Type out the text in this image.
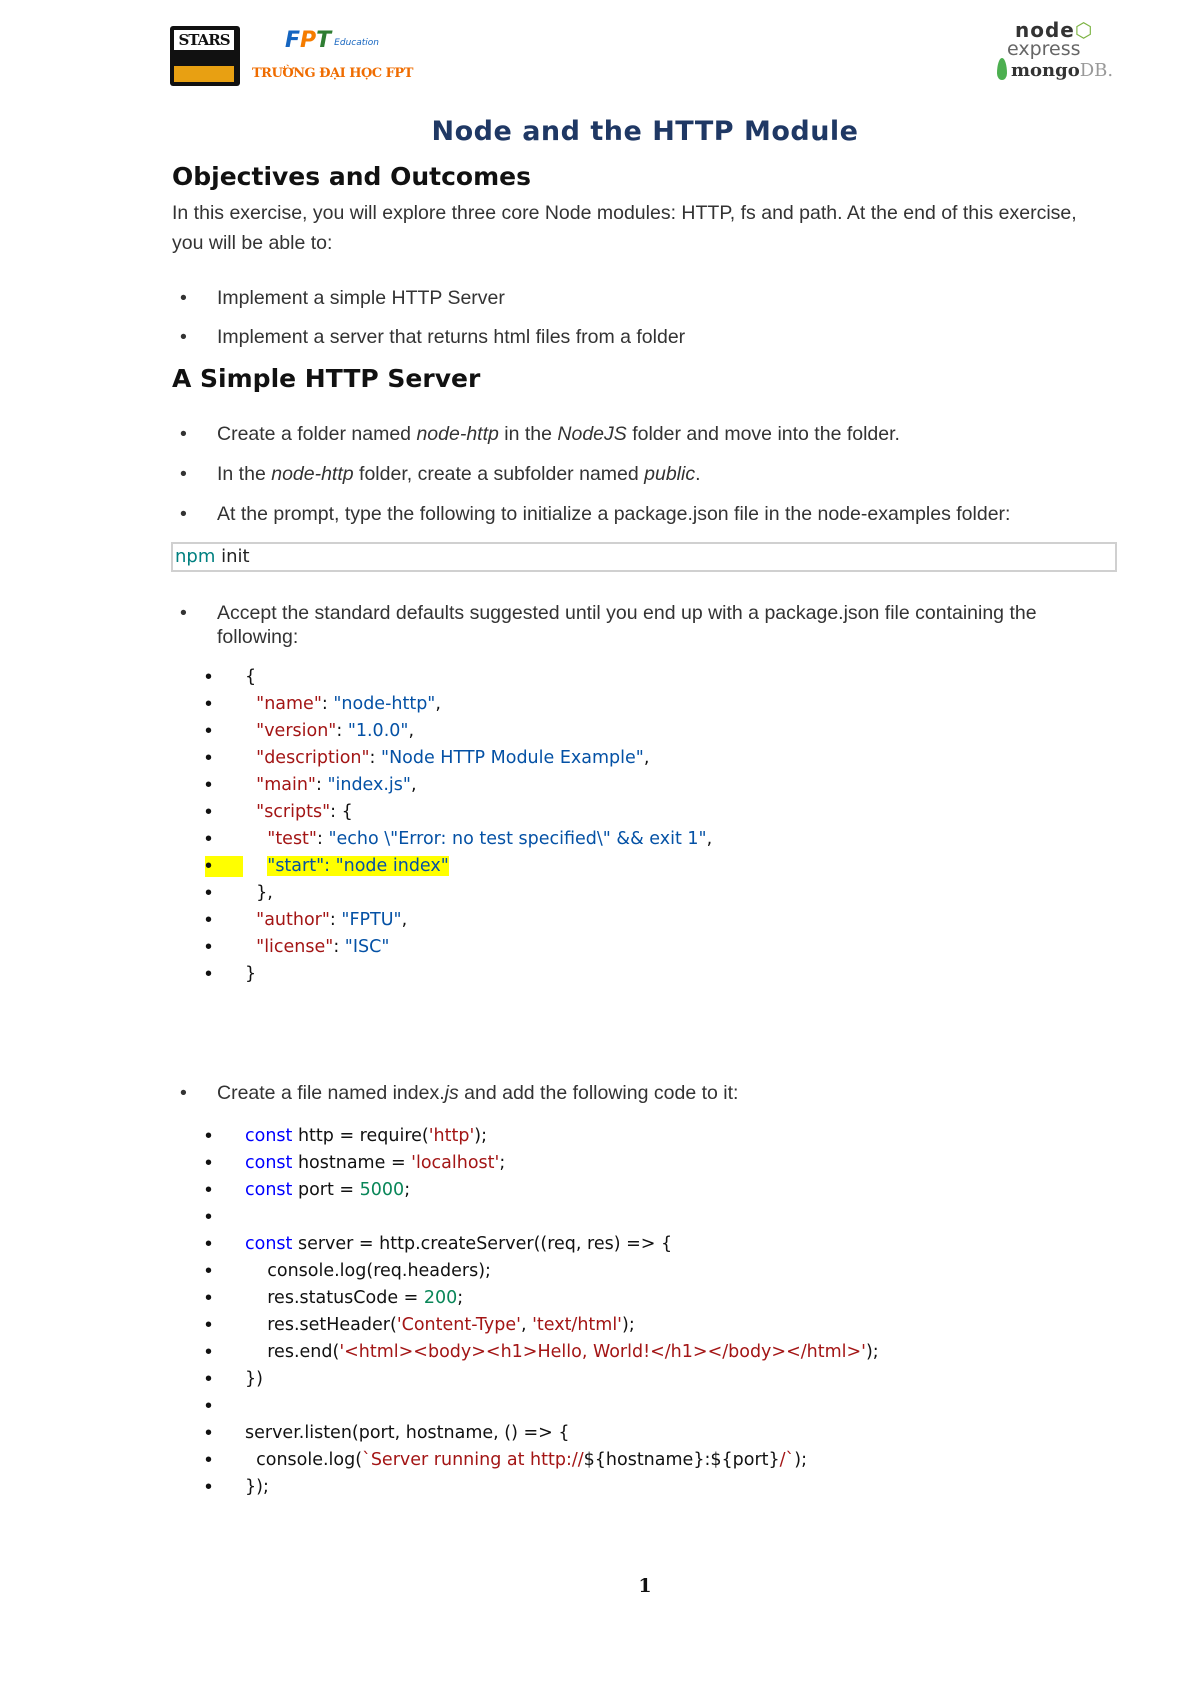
STARS	FPT Education
TRƯỜNG ĐẠI HỌC FPT
node⬡
express
mongoDB.
Node and the HTTP Module
Objectives and Outcomes
In this exercise, you will explore three core Node modules: HTTP, fs and path. At the end of this exercise, you will be able to:
• Implement a simple HTTP Server
• Implement a server that returns html files from a folder
A Simple HTTP Server
• Create a folder named node-http in the NodeJS folder and move into the folder.
• In the node-http folder, create a subfolder named public.
• At the prompt, type the following to initialize a package.json file in the node-examples folder:
npm init
• Accept the standard defaults suggested until you end up with a package.json file containing the following:
• {
•	"name": "node-http",
•	"version": "1.0.0",
•	"description": "Node HTTP Module Example",
•	"main": "index.js",
•	"scripts": {
•	"test": "echo \"Error: no test specified\" && exit 1",
•	"start": "node index"
•	},
•	"author": "FPTU",
•	"license": "ISC"
• }
• Create a file named index.js and add the following code to it:
• const http = require('http');
• const hostname = 'localhost';
• const port = 5000;
•
• const server = http.createServer((req, res) => {
• console.log(req.headers);
• res.statusCode = 200;
• res.setHeader('Content-Type', 'text/html');
• res.end('<html><body><h1>Hello, World!</h1></body></html>');
• })
•
• server.listen(port, hostname, () => {
• console.log(`Server running at http://${hostname}:${port}/`);
• });
1
